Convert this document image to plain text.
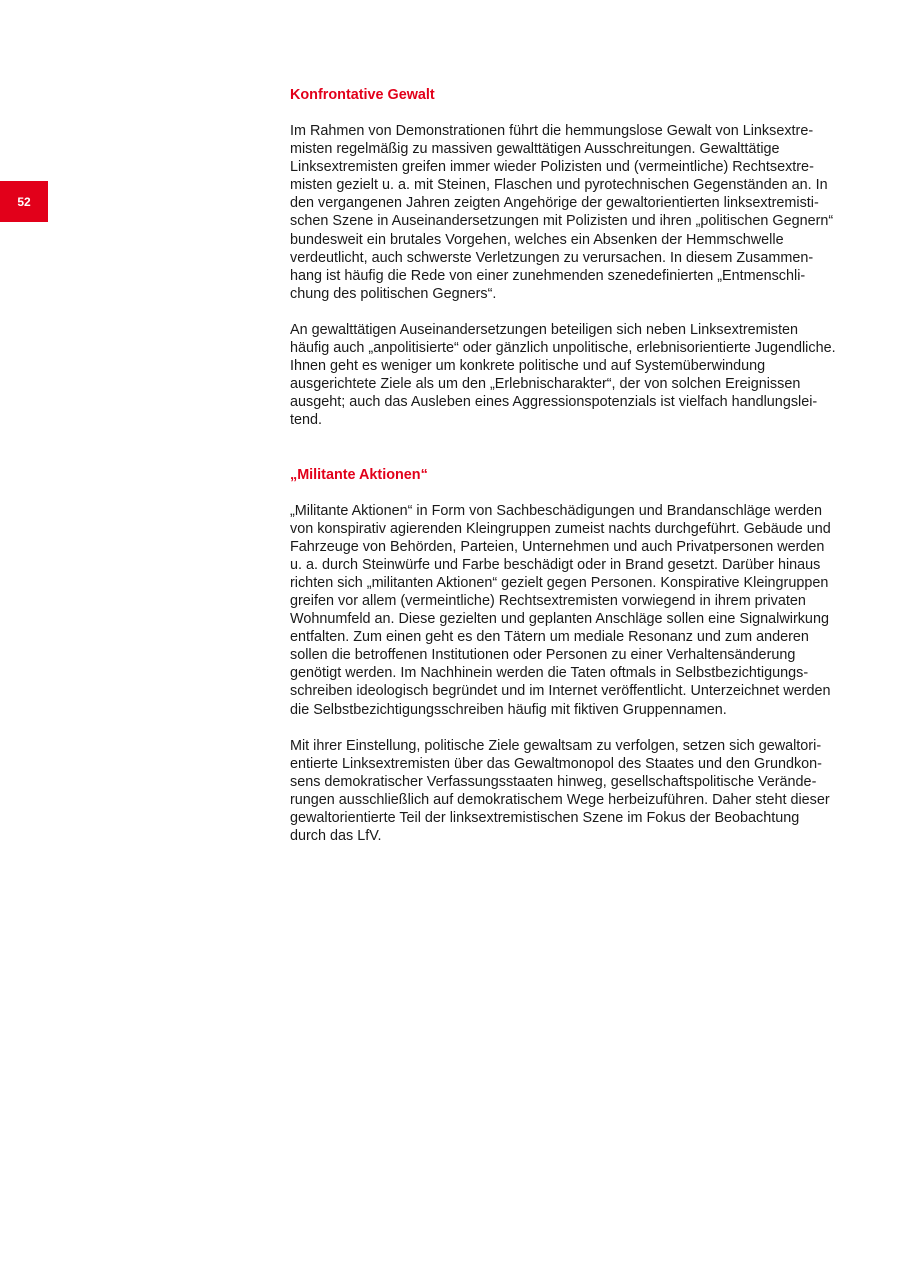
52
Konfrontative Gewalt

Im Rahmen von Demonstrationen führt die hemmungslose Gewalt von Linksextremisten regelmäßig zu massiven gewalttätigen Ausschreitungen. Gewalttätige Linksextremisten greifen immer wieder Polizisten und (vermeintliche) Rechtsextremisten gezielt u. a. mit Steinen, Flaschen und pyrotechnischen Gegenständen an. In den vergangenen Jahren zeigten Angehörige der gewaltorientierten linksextremistischen Szene in Auseinandersetzungen mit Polizisten und ihren „politischen Gegnern“ bundesweit ein brutales Vorgehen, welches ein Absenken der Hemmschwelle verdeutlicht, auch schwerste Verletzungen zu verursachen. In diesem Zusammenhang ist häufig die Rede von einer zunehmenden szenedefinierten „Entmenschlichung des politischen Gegners“.

An gewalttätigen Auseinandersetzungen beteiligen sich neben Linksextremisten häufig auch „anpolitisierte“ oder gänzlich unpolitische, erlebnisorientierte Jugendliche. Ihnen geht es weniger um konkrete politische und auf Systemüberwindung ausgerichtete Ziele als um den „Erlebnischarakter“, der von solchen Ereignissen ausgeht; auch das Ausleben eines Aggressionspotenzials ist vielfach handlungsleitend.

„Militante Aktionen“

„Militante Aktionen“ in Form von Sachbeschädigungen und Brandanschläge werden von konspirativ agierenden Kleingruppen zumeist nachts durchgeführt. Gebäude und Fahrzeuge von Behörden, Parteien, Unternehmen und auch Privatpersonen werden u. a. durch Steinwürfe und Farbe beschädigt oder in Brand gesetzt. Darüber hinaus richten sich „militanten Aktionen“ gezielt gegen Personen. Konspirative Kleingruppen greifen vor allem (vermeintliche) Rechtsextremisten vorwiegend in ihrem privaten Wohnumfeld an. Diese gezielten und geplanten Anschläge sollen eine Signalwirkung entfalten. Zum einen geht es den Tätern um mediale Resonanz und zum anderen sollen die betroffenen Institutionen oder Personen zu einer Verhaltensänderung genötigt werden. Im Nachhinein werden die Taten oftmals in Selbstbezichtigungsschreiben ideologisch begründet und im Internet veröffentlicht. Unterzeichnet werden die Selbstbezichtigungsschreiben häufig mit fiktiven Gruppennamen.

Mit ihrer Einstellung, politische Ziele gewaltsam zu verfolgen, setzen sich gewaltorientierte Linksextremisten über das Gewaltmonopol des Staates und den Grundkonsens demokratischer Verfassungsstaaten hinweg, gesellschaftspolitische Veränderungen ausschließlich auf demokratischem Wege herbeizuführen. Daher steht dieser gewaltorientierte Teil der linksextremistischen Szene im Fokus der Beobachtung durch das LfV.
